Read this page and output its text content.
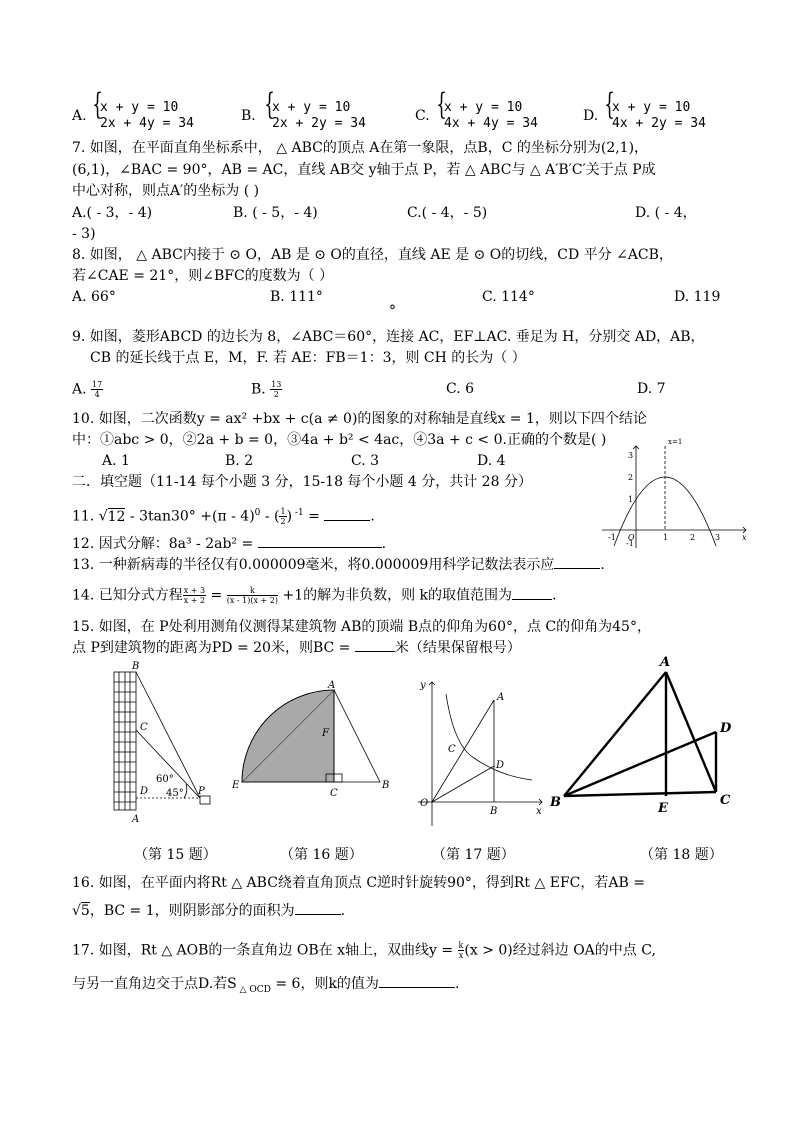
A. {
x + y = 10
2x + 4y = 34	B. {
x + y = 10
2x + 2y = 34	C. {
x + y = 10
4x + 4y = 34	D. {
x + y = 10
4x + 2y = 34
7. 如图，在平面直角坐标系中， △ ABC的顶点 A在第一象限，点B，C 的坐标分别为(2,1)，
(6,1)，∠BAC = 90°，AB = AC，直线 AB交 y轴于点 P，若 △ ABC与 △ A′B′C′关于点 P成
中心对称，则点A′的坐标为 ( )
A.( - 3，- 4)	B. ( - 5，- 4)	C.( - 4，- 5)	D. ( - 4，
- 3)
8. 如图， △ ABC内接于 ⊙ O，AB 是 ⊙ O的直径，直线 AE 是 ⊙ O的切线，CD 平分 ∠ACB，
若∠CAE = 21°，则∠BFC的度数为（ ）
A. 66°	B. 111°	C. 114°	D. 119
°
9. 如图，菱形ABCD 的边长为 8，∠ABC＝60°，连接 AC，EF⊥AC. 垂足为 H，分别交 AD，AB，
CB 的延长线于点 E，M，F. 若 AE：FB＝1：3，则 CH 的长为（ ）
A. $\frac{17}{4}$	B. $\frac{13}{2}$	C. 6	D. 7
10. 如图，二次函数y = ax² +bx + c(a ≠ 0)的图象的对称轴是直线x = 1，则以下四个结论
中：①abc > 0，②2a + b = 0，③4a + b² < 4ac，④3a + c < 0.正确的个数是( )
A. 1	B. 2	C. 3	D. 4	3
2
1
-1
-1 O	1	2 3	x
x=1
二．填空题（11-14 每个小题 3 分，15-18 每个小题 4 分，共计 28 分）
11. √12 - 3tan30° +(π - 4)$^0$ - ( $\frac{1}{2}$ ) $^{-1}$ =	.
12. 因式分解：8a³ - 2ab² =	.
13. 一种新病毒的半径仅有0.000009毫米，将0.000009用科学记数法表示应	.
14. 已知分式方程 $\frac{x + 3}{x + 2} = \frac{k}{(x - 1)(x + 2)} +1$的解为非负数，则 k的取值范围为	.
15. 如图，在 P处利用测角仪测得某建筑物 AB的顶端 B点的仰角为60°，点 C的仰角为45°，
点 P到建筑物的距离为PD = 20米，则BC =	米（结果保留根号）
B
C
60°
D 45° P
A
A
F
E
C
B
y
A
C
D
O
B	x
A
D
B	E
C
（第 15 题）	（第 16 题）	（第 17 题）	（第 18 题）
16. 如图，在平面内将Rt △ ABC绕着直角顶点 C逆时针旋转90°，得到Rt △ EFC，若AB =
√5，BC = 1，则阴影部分的面积为	.
17. 如图，Rt △ AOB的一条直角边 OB在 x轴上，双曲线$y = \frac{k}{x} (x > 0)$经过斜边 OA的中点 C,
与另一直角边交于点D.若S $_{\triangle OCD}$ = 6，则k的值为	.
